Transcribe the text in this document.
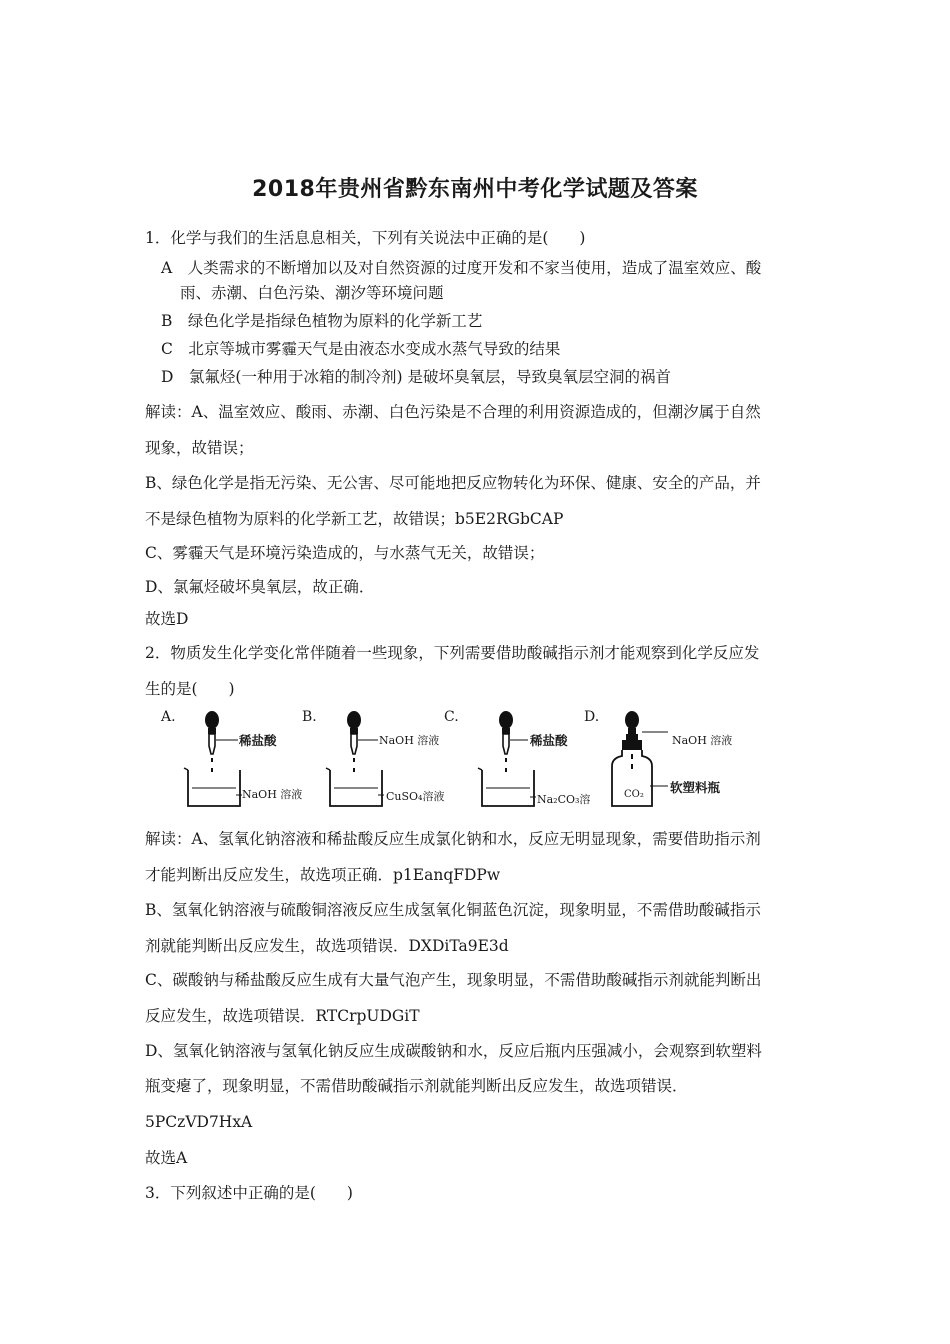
2018年贵州省黔东南州中考化学试题及答案
1．化学与我们的生活息息相关，下列有关说法中正确的是(　　)
A　人类需求的不断增加以及对自然资源的过度开发和不家当使用，造成了温室效应、酸
雨、赤潮、白色污染、潮汐等环境问题
B　绿色化学是指绿色植物为原料的化学新工艺
C　北京等城市雾霾天气是由液态水变成水蒸气导致的结果
D　氯氟烃(一种用于冰箱的制冷剂) 是破坏臭氧层，导致臭氧层空洞的祸首
解读：A、温室效应、酸雨、赤潮、白色污染是不合理的利用资源造成的，但潮汐属于自然
现象，故错误；
B、绿色化学是指无污染、无公害、尽可能地把反应物转化为环保、健康、安全的产品，并
不是绿色植物为原料的化学新工艺，故错误；b5E2RGbCAP
C、雾霾天气是环境污染造成的，与水蒸气无关，故错误；
D、氯氟烃破坏臭氧层，故正确．
故选D
2．物质发生化学变化常伴随着一些现象，下列需要借助酸碱指示剂才能观察到化学反应发
生的是(　　)
A.
稀盐酸
NaOH 溶液
B.
NaOH 溶液
CuSO₄溶液
C.
稀盐酸
Na₂CO₃溶
D.
NaOH 溶液
CO₂ 软塑料瓶
解读：A、氢氧化钠溶液和稀盐酸反应生成氯化钠和水，反应无明显现象，需要借助指示剂
才能判断出反应发生，故选项正确．p1EanqFDPw
B、氢氧化钠溶液与硫酸铜溶液反应生成氢氧化铜蓝色沉淀，现象明显，不需借助酸碱指示
剂就能判断出反应发生，故选项错误．DXDiTa9E3d
C、碳酸钠与稀盐酸反应生成有大量气泡产生，现象明显，不需借助酸碱指示剂就能判断出
反应发生，故选项错误．RTCrpUDGiT
D、氢氧化钠溶液与氢氧化钠反应生成碳酸钠和水，反应后瓶内压强减小，会观察到软塑料
瓶变瘪了，现象明显，不需借助酸碱指示剂就能判断出反应发生，故选项错误．
5PCzVD7HxA
故选A
3．下列叙述中正确的是(　　)
